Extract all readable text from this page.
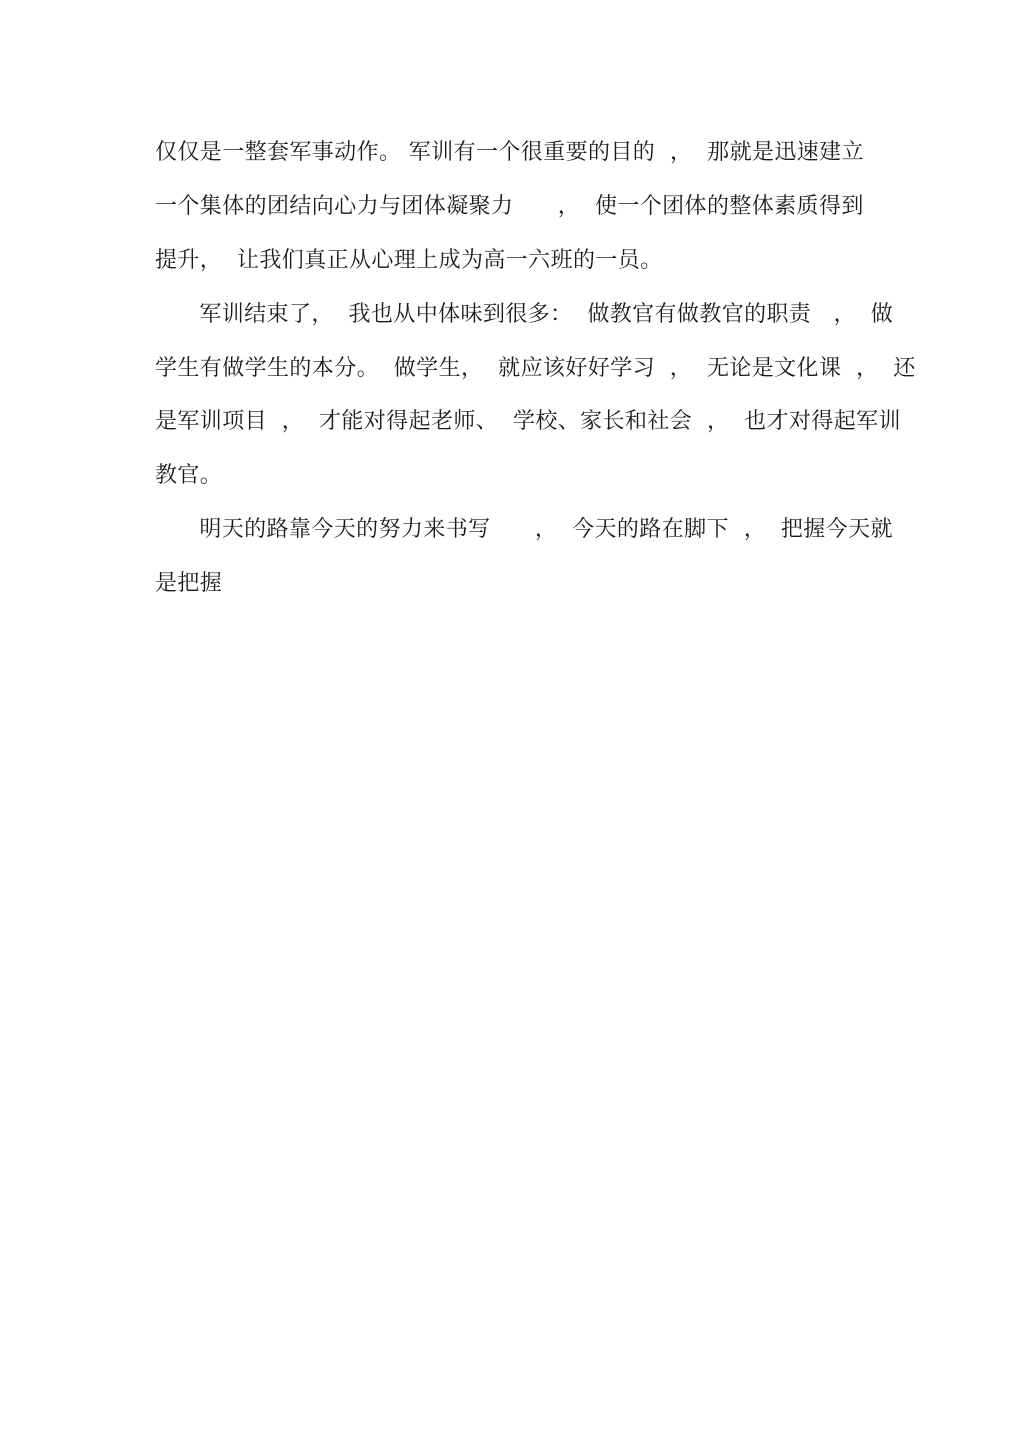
仅仅是一整套军事动作。 军训有一个很重要的目的  ，  那就是迅速建立
一个集体的团结向心力与团体凝聚力      ，  使一个团体的整体素质得到
提升，  让我们真正从心理上成为高一六班的一员。
军训结束了，  我也从中体味到很多：  做教官有做教官的职责   ，  做
学生有做学生的本分。  做学生，  就应该好好学习  ，  无论是文化课  ，  还
是军训项目  ，  才能对得起老师、  学校、家长和社会  ，  也才对得起军训
教官。
明天的路靠今天的努力来书写      ，  今天的路在脚下  ，  把握今天就
是把握
